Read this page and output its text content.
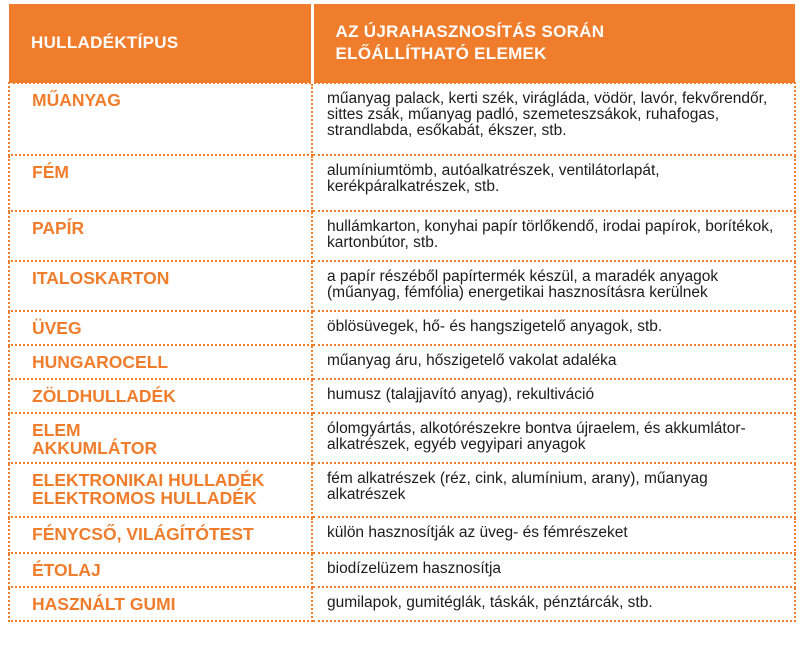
HULLADÉKTÍPUS	AZ ÚJRAHASZNOSÍTÁS SORÁN
ELŐÁLLÍTHATÓ ELEMEK

MŰANYAG	műanyag palack, kerti szék, virágláda, vödör, lavór, fekvőrendőr, sittes zsák, műanyag padló, szemeteszsákok, ruhafogas, strandlabda, esőkabát, ékszer, stb.

FÉM	alumíniumtömb, autóalkatrészek, ventilátorlapát, kerékpáralkatrészek, stb.

PAPÍR	hullámkarton, konyhai papír törlőkendő, irodai papírok, borítékok, kartonbútor, stb.

ITALOSKARTON	a papír részéből papírtermék készül, a maradék anyagok (műanyag, fémfólia) energetikai hasznosításra kerülnek

ÜVEG	öblösüvegek, hő- és hangszigetelő anyagok, stb.

HUNGAROCELL	műanyag áru, hőszigetelő vakolat adaléka

ZÖLDHULLADÉK	humusz (talajjavító anyag), rekultiváció

ELEM
AKKUMLÁTOR	ólomgyártás, alkotórészekre bontva újraelem, és akkumlátor-alkatrészek, egyéb vegyipari anyagok

ELEKTRONIKAI HULLADÉK
ELEKTROMOS HULLADÉK	fém alkatrészek (réz, cink, alumínium, arany), műanyag alkatrészek

FÉNYCSŐ, VILÁGÍTÓTEST	külön hasznosítják az üveg- és fémrészeket

ÉTOLAJ	biodízelüzem hasznosítja

HASZNÁLT GUMI	gumilapok, gumitéglák, táskák, pénztárcák, stb.
